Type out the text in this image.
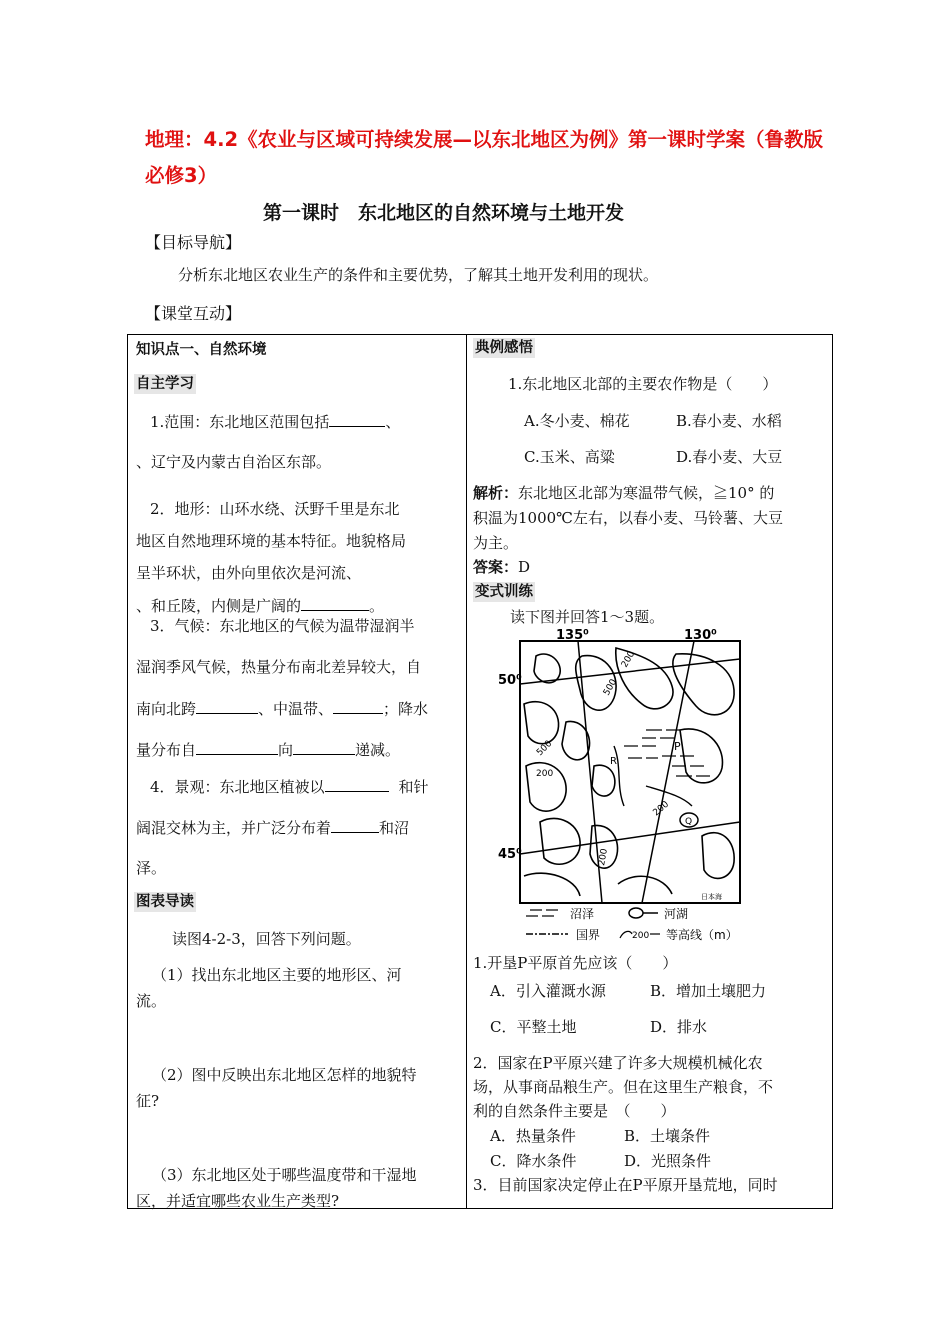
地理：4.2《农业与区域可持续发展—以东北地区为例》第一课时学案（鲁教版必修3）
第一课时　东北地区的自然环境与土地开发
【目标导航】
分析东北地区农业生产的条件和主要优势，了解其土地开发利用的现状。
【课堂互动】
知识点一、自然环境
自主学习
1.范围：东北地区范围包括	、
、辽宁及内蒙古自治区东部。
2．地形：山环水绕、沃野千里是东北
地区自然地理环境的基本特征。地貌格局
呈半环状，由外向里依次是河流、
、和丘陵，内侧是广阔的	。
3．气候：东北地区的气候为温带湿润半
湿润季风气候，热量分布南北差异较大，自
南向北跨	、中温带、	；降水
量分布自	向	递减。
4．景观：东北地区植被以	和针
阔混交林为主，并广泛分布着	和沼
泽。
图表导读
读图4-2-3，回答下列问题。
（1）找出东北地区主要的地形区、河
流。
（2）图中反映出东北地区怎样的地貌特
征?
（3）东北地区处于哪些温度带和干湿地
区，并适宜哪些农业生产类型?
典例感悟
1.东北地区北部的主要农作物是（　　）
A.冬小麦、棉花	B.春小麦、水稻
C.玉米、高粱	D.春小麦、大豆
解析：东北地区北部为寒温带气候，≧10° 的
积温为1000℃左右，以春小麦、马铃薯、大豆
为主。
答案：D
变式训练
读下图并回答1～3题。
135⁰	130⁰
50⁰
45⁰
200
500
500
200
200
200
P
R
Q
日本海
沼泽	河湖
国界	200 等高线（m）
1.开垦P平原首先应该（　　）
A．引入灌溉水源	B．增加土壤肥力
C．平整土地	D．排水
2．国家在P平原兴建了许多大规模机械化农
场，从事商品粮生产。但在这里生产粮食，不
利的自然条件主要是　（　　）
A．热量条件	B．土壤条件
C．降水条件	D．光照条件
3．目前国家决定停止在P平原开垦荒地，同时
